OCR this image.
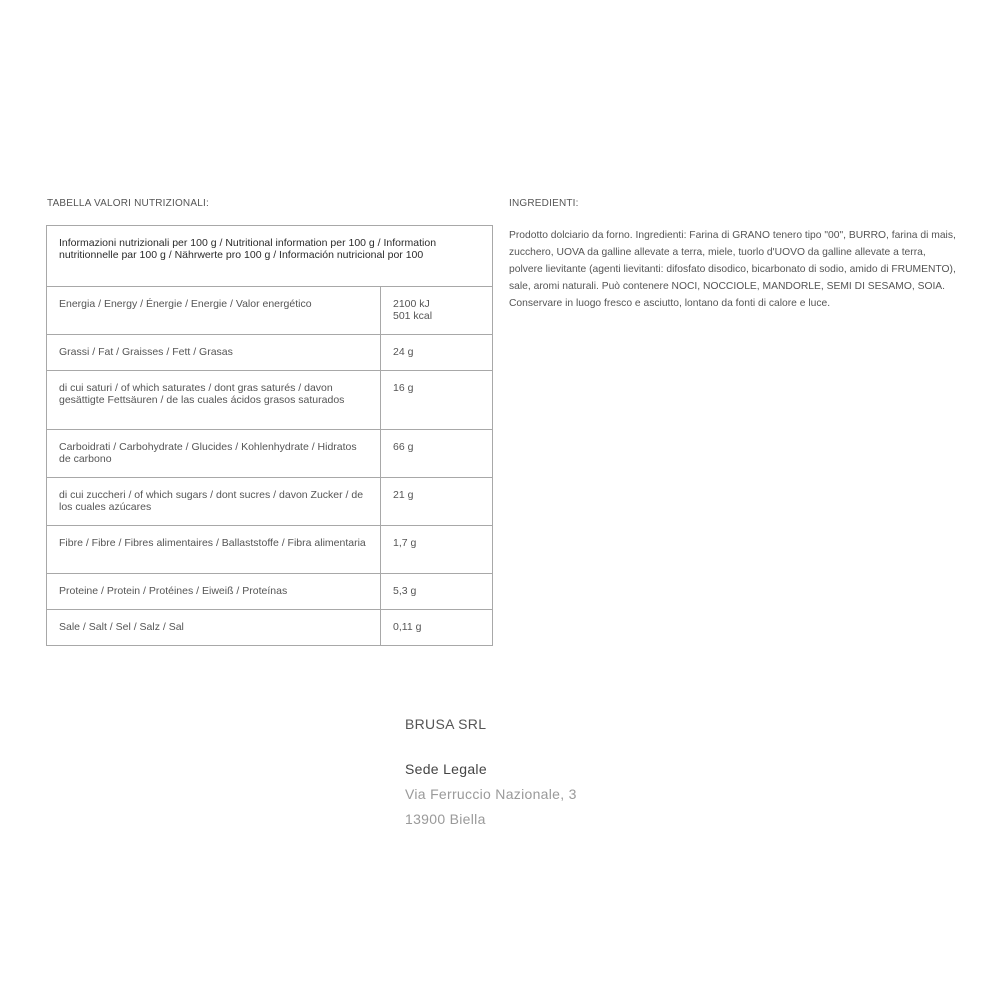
TABELLA VALORI NUTRIZIONALI:
Informazioni nutrizionali per 100 g / Nutritional information per 100 g / Information nutritionnelle par 100 g / Nährwerte pro 100 g / Información nutricional por 100	
Energia / Energy / Énergie / Energie / Valor energético	2100 kJ
501 kcal

Grassi / Fat / Graisses / Fett / Grasas	24 g
di cui saturi / of which saturates / dont gras saturés / davon gesättigte Fettsäuren / de las cuales ácidos grasos saturados	16 g
Carboidrati / Carbohydrate / Glucides / Kohlenhydrate / Hidratos de carbono	66 g
di cui zuccheri / of which sugars / dont sucres / davon Zucker / de los cuales azúcares	21 g
Fibre / Fibre / Fibres alimentaires / Ballaststoffe / Fibra alimentaria	1,7 g
Proteine / Protein / Protéines / Eiweiß / Proteínas	5,3 g
Sale / Salt / Sel / Salz / Sal	0,11 g
INGREDIENTI:
Prodotto dolciario da forno. Ingredienti: Farina di GRANO tenero tipo "00", BURRO, farina di mais, zucchero, UOVA da galline allevate a terra, miele, tuorlo d'UOVO da galline allevate a terra, polvere lievitante (agenti lievitanti: difosfato disodico, bicarbonato di sodio, amido di FRUMENTO), sale, aromi naturali. Può contenere NOCI, NOCCIOLE, MANDORLE, SEMI DI SESAMO, SOIA. Conservare in luogo fresco e asciutto, lontano da fonti di calore e luce.
BRUSA SRL
Sede Legale
Via Ferruccio Nazionale, 3
13900 Biella
